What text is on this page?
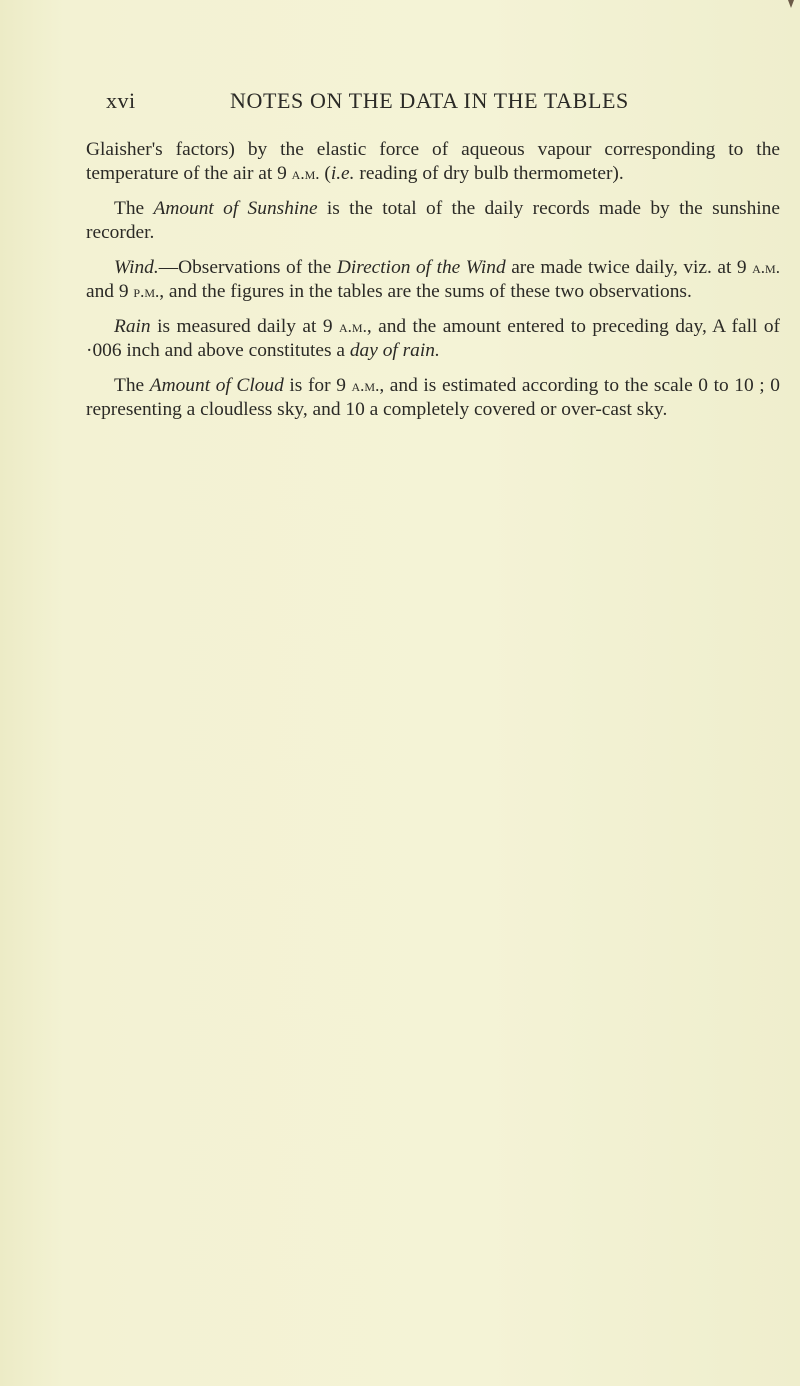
xvi	NOTES ON THE DATA IN THE TABLES

Glaisher's factors) by the elastic force of aqueous vapour corresponding to the temperature of the air at 9 a.m. (i.e. reading of dry bulb thermometer).

The Amount of Sunshine is the total of the daily records made by the sunshine recorder.

Wind.—Observations of the Direction of the Wind are made twice daily, viz. at 9 a.m. and 9 p.m., and the figures in the tables are the sums of these two observations.

Rain is measured daily at 9 a.m., and the amount entered to preceding day, A fall of ·006 inch and above constitutes a day of rain.

The Amount of Cloud is for 9 a.m., and is estimated according to the scale 0 to 10 ; 0 representing a cloudless sky, and 10 a completely covered or over-cast sky.
